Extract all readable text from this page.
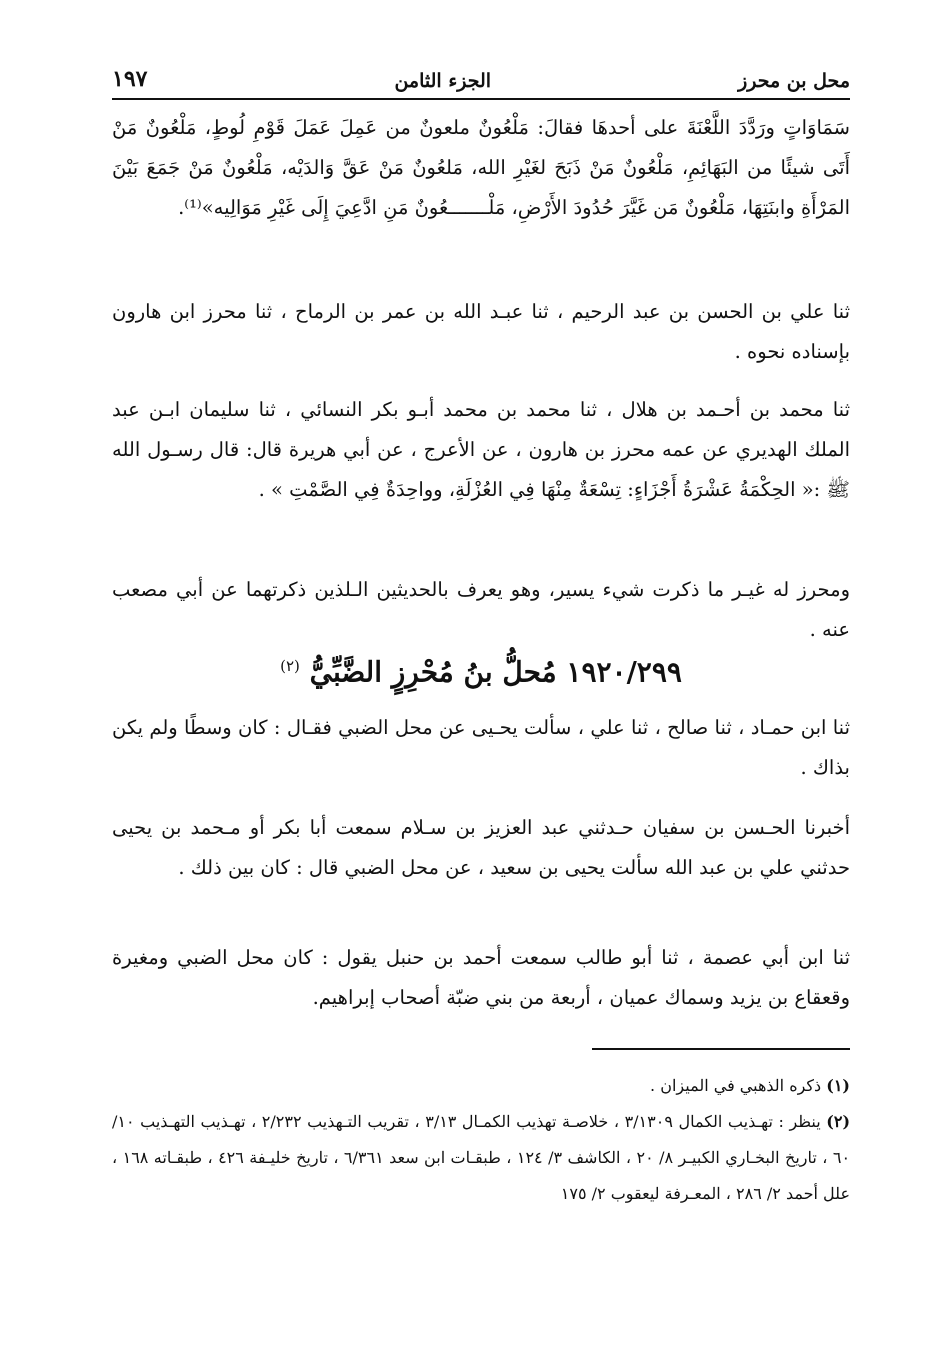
محل بن محرز
الجزء الثامن
١٩٧

سَمَاوَاتٍ ورَدَّدَ اللَّعْنَةَ على أحدهَا فقالَ: مَلْعُونٌ ملعونٌ من عَمِلَ عَمَلَ قَوْمِ لُوطٍ، مَلْعُونٌ مَنْ أَتَى شيئًا من البَهَائِمِ، مَلْعُونٌ مَنْ ذَبَحَ لغَيْرِ الله، مَلعُونٌ مَنْ عَقَّ وَالدَيْه، مَلْعُونٌ مَنْ جَمَعَ بَيْنَ المَرْأَةِ وابنَتِهَا، مَلْعُونٌ مَن غَيَّرَ حُدُودَ الأَرْضِ، مَلْـــــــعُونٌ مَنِ ادَّعِيَ إِلَى غَيْرِ مَوَالِيه»⁽¹⁾.

ثنا علي بن الحسن بن عبد الرحيم ، ثنا عبـد الله بن عمر بن الرماح ، ثنا محرز ابن هارون بإسناده نحوه .

ثنا محمد بن أحـمد بن هلال ، ثنا محمد بن محمد أبـو بكر النسائي ، ثنا سليمان ابـن عبد الملك الهديري عن عمه محرز بن هارون ، عن الأعرج ، عن أبي هريرة قال: قال رسـول الله ﷺ :« الحِكْمَةُ عَشْرَةُ أَجْزَاءٍ: تِسْعَةٌ مِنْهَا فِي العُزْلَةِ، وواحِدَةٌ فِي الصَّمْتِ » .

ومحرز له غيـر ما ذكرت شيء يسير، وهو يعرف بالحديثين الـلذين ذكرتهما عن أبي مصعب عنه .

١٩٢٠/٢٩٩ مُحلُّ بنُ مُحْرِزٍ الضَّبِّيُّ $^{(٢)}$

ثنا ابن حمـاد ، ثنا صالح ، ثنا علي ، سألت يحـيى عن محل الضبي فقـال : كان وسطًا ولم يكن بذاك .

أخبرنا الحـسن بن سفيان حـدثني عبد العزيز بن سـلام سمعت أبا بكر أو مـحمد بن يحيى حدثني علي بن عبد الله سألت يحيى بن سعيد ، عن محل الضبي قال : كان بين ذلك .

ثنا ابن أبي عصمة ، ثنا أبو طالب سمعت أحمد بن حنبل يقول : كان محل الضبي ومغيرة وقعقاع بن يزيد وسماك عميان ، أربعة من بني ضبّة أصحاب إبراهيم.

(١) ذكره الذهبي في الميزان .

(٢) ينظر : تهـذيب الكمال ٣/١٣٠٩ ، خلاصـة تهذيب الكمـال ٣/١٣ ، تقريب التـهذيب ٢/٢٣٢ ، تهـذيب التهـذيب ١٠/ ٦٠ ، تاريخ البخـاري الكبيـر ٨/ ٢٠ ، الكاشف ٣/ ١٢٤ ، طبقـات ابن سعد ٦/٣٦١ ، تاريخ خليـفة ٤٢٦ ، طبقـاته ١٦٨ ، علل أحمد ٢/ ٢٨٦ ، المعـرفة ليعقوب ٢/ ١٧٥
